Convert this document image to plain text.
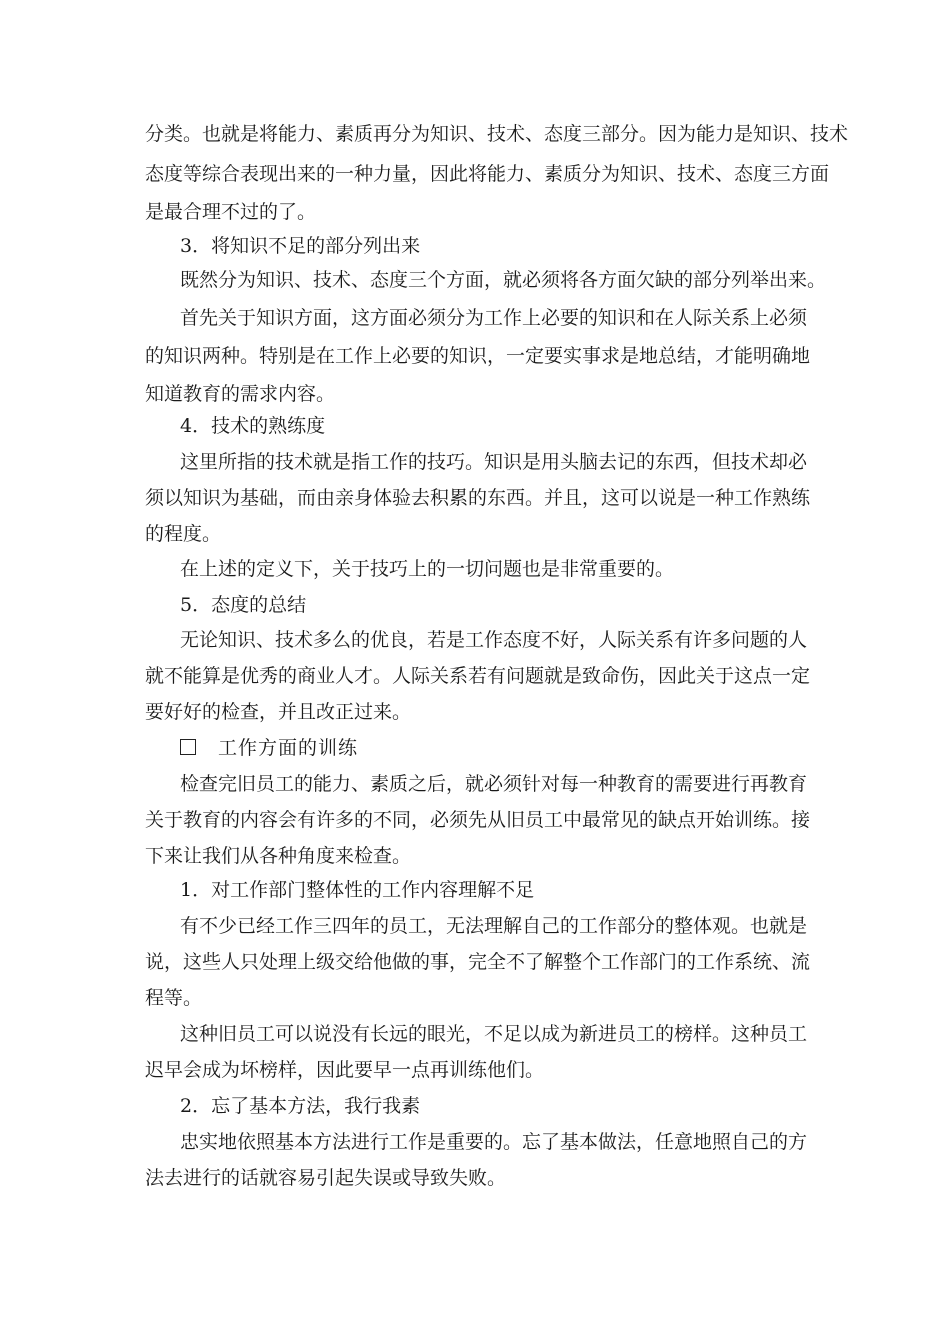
分类。也就是将能力、素质再分为知识、技术、态度三部分。因为能力是知识、技术
态度等综合表现出来的一种力量，因此将能力、素质分为知识、技术、态度三方面
是最合理不过的了。
3．将知识不足的部分列出来
既然分为知识、技术、态度三个方面，就必须将各方面欠缺的部分列举出来。
首先关于知识方面，这方面必须分为工作上必要的知识和在人际关系上必须
的知识两种。特别是在工作上必要的知识，一定要实事求是地总结，才能明确地
知道教育的需求内容。
4．技术的熟练度
这里所指的技术就是指工作的技巧。知识是用头脑去记的东西，但技术却必
须以知识为基础，而由亲身体验去积累的东西。并且，这可以说是一种工作熟练
的程度。
在上述的定义下，关于技巧上的一切问题也是非常重要的。
5．态度的总结
无论知识、技术多么的优良，若是工作态度不好，人际关系有许多问题的人
就不能算是优秀的商业人才。人际关系若有问题就是致命伤，因此关于这点一定
要好好的检查，并且改正过来。
工作方面的训练
检查完旧员工的能力、素质之后，就必须针对每一种教育的需要进行再教育
关于教育的内容会有许多的不同，必须先从旧员工中最常见的缺点开始训练。接
下来让我们从各种角度来检查。
1．对工作部门整体性的工作内容理解不足
有不少已经工作三四年的员工，无法理解自己的工作部分的整体观。也就是
说，这些人只处理上级交给他做的事，完全不了解整个工作部门的工作系统、流
程等。
这种旧员工可以说没有长远的眼光，不足以成为新进员工的榜样。这种员工
迟早会成为坏榜样，因此要早一点再训练他们。
2．忘了基本方法，我行我素
忠实地依照基本方法进行工作是重要的。忘了基本做法，任意地照自己的方
法去进行的话就容易引起失误或导致失败。
